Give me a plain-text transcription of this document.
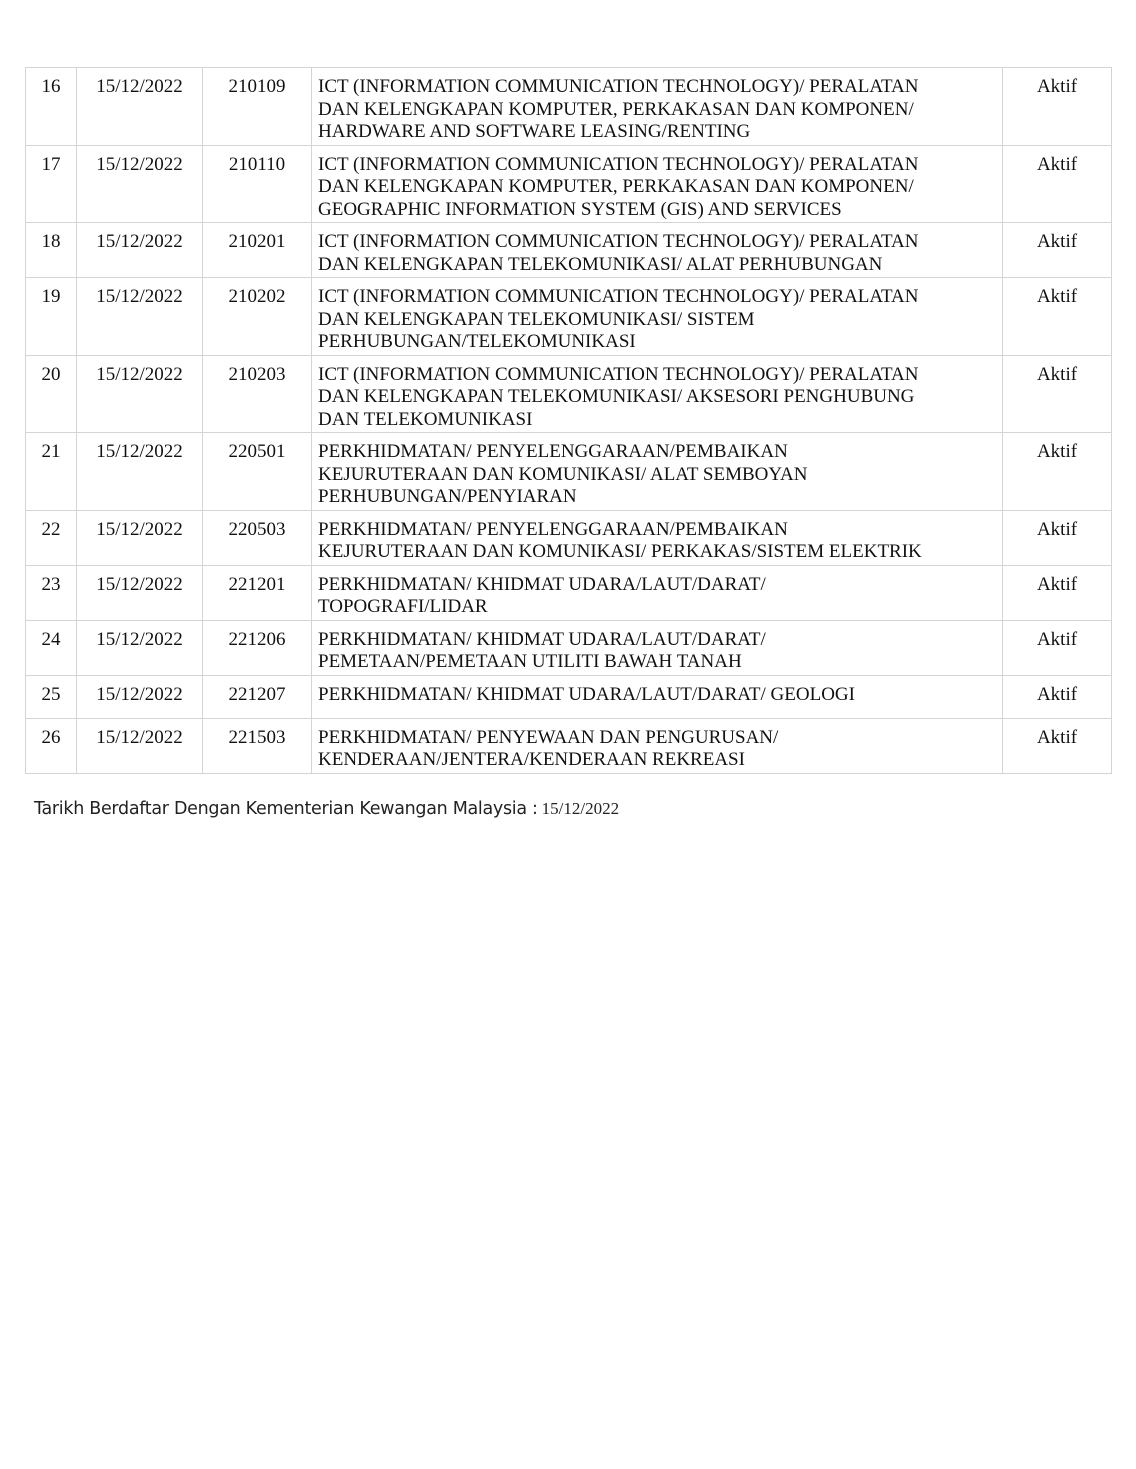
16	15/12/2022	210109	ICT (INFORMATION COMMUNICATION TECHNOLOGY)/ PERALATAN
DAN KELENGKAPAN KOMPUTER, PERKAKASAN DAN KOMPONEN/
HARDWARE AND SOFTWARE LEASING/RENTING	Aktif
17	15/12/2022	210110	ICT (INFORMATION COMMUNICATION TECHNOLOGY)/ PERALATAN
DAN KELENGKAPAN KOMPUTER, PERKAKASAN DAN KOMPONEN/
GEOGRAPHIC INFORMATION SYSTEM (GIS) AND SERVICES	Aktif
18	15/12/2022	210201	ICT (INFORMATION COMMUNICATION TECHNOLOGY)/ PERALATAN
DAN KELENGKAPAN TELEKOMUNIKASI/ ALAT PERHUBUNGAN	Aktif
19	15/12/2022	210202	ICT (INFORMATION COMMUNICATION TECHNOLOGY)/ PERALATAN
DAN KELENGKAPAN TELEKOMUNIKASI/ SISTEM
PERHUBUNGAN/TELEKOMUNIKASI	Aktif
20	15/12/2022	210203	ICT (INFORMATION COMMUNICATION TECHNOLOGY)/ PERALATAN
DAN KELENGKAPAN TELEKOMUNIKASI/ AKSESORI PENGHUBUNG
DAN TELEKOMUNIKASI	Aktif
21	15/12/2022	220501	PERKHIDMATAN/ PENYELENGGARAAN/PEMBAIKAN
KEJURUTERAAN DAN KOMUNIKASI/ ALAT SEMBOYAN
PERHUBUNGAN/PENYIARAN	Aktif
22	15/12/2022	220503	PERKHIDMATAN/ PENYELENGGARAAN/PEMBAIKAN
KEJURUTERAAN DAN KOMUNIKASI/ PERKAKAS/SISTEM ELEKTRIK	Aktif
23	15/12/2022	221201	PERKHIDMATAN/ KHIDMAT UDARA/LAUT/DARAT/
TOPOGRAFI/LIDAR	Aktif
24	15/12/2022	221206	PERKHIDMATAN/ KHIDMAT UDARA/LAUT/DARAT/
PEMETAAN/PEMETAAN UTILITI BAWAH TANAH	Aktif
25	15/12/2022	221207	PERKHIDMATAN/ KHIDMAT UDARA/LAUT/DARAT/ GEOLOGI	Aktif
26	15/12/2022	221503	PERKHIDMATAN/ PENYEWAAN DAN PENGURUSAN/
KENDERAAN/JENTERA/KENDERAAN REKREASI	Aktif
Tarikh Berdaftar Dengan Kementerian Kewangan Malaysia : 15/12/2022
